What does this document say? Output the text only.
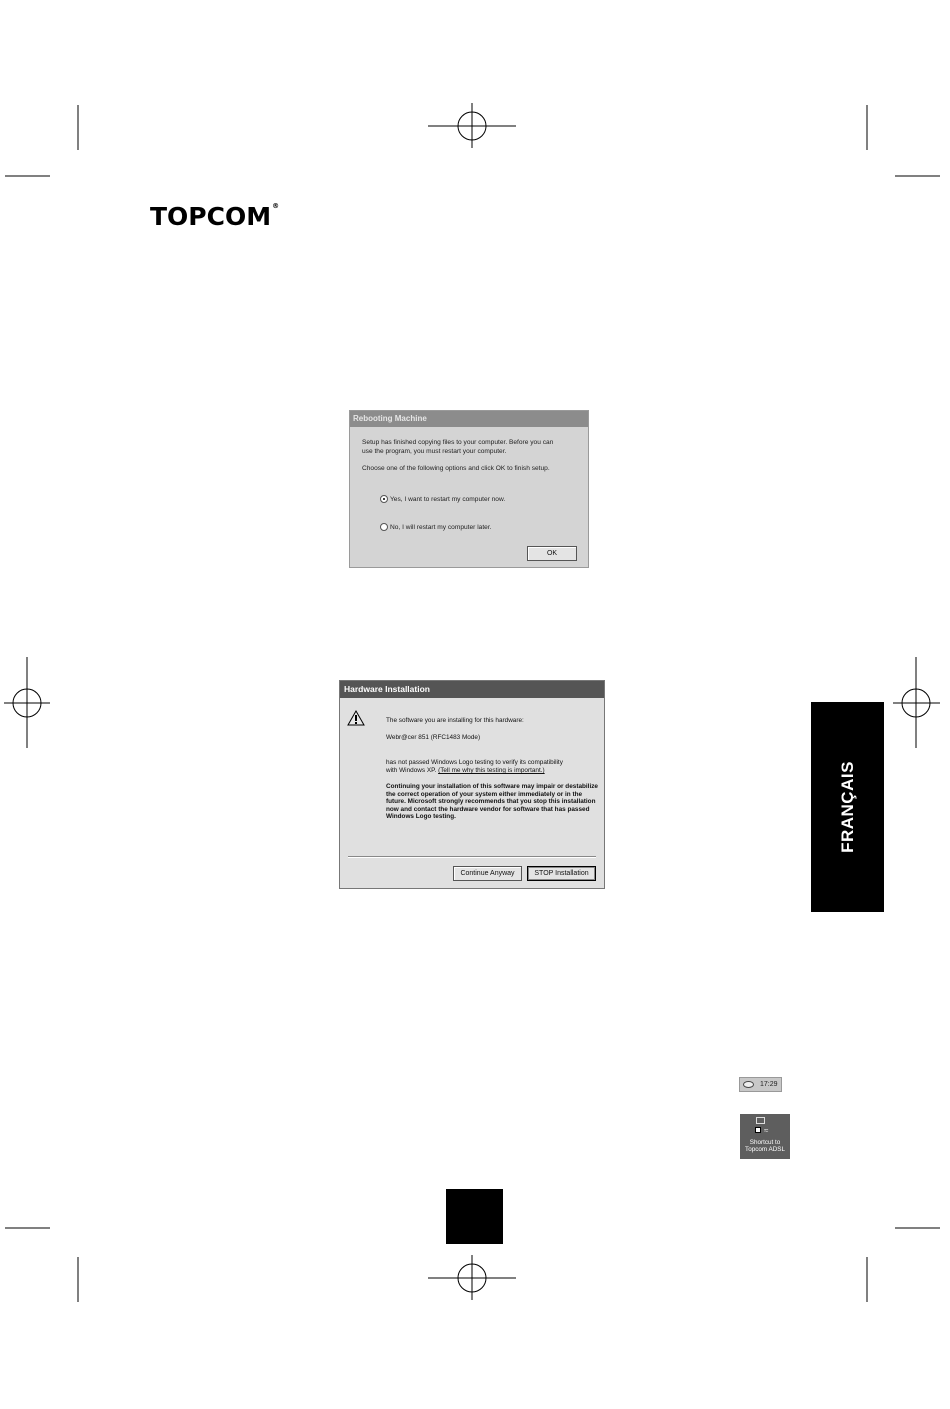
TOPCOM®
Rebooting Machine
Setup has finished copying files to your computer. Before you can
use the program, you must restart your computer.
Choose one of the following options and click OK to finish setup.
Yes, I want to restart my computer now.
No, I will restart my computer later.
OK
Hardware Installation
The software you are installing for this hardware:
Webr@cer 851 (RFC1483 Mode)
has not passed Windows Logo testing to verify its compatibility
with Windows XP. (Tell me why this testing is important.)
Continuing your installation of this software may impair or destabilize the correct operation of your system either immediately or in the future. Microsoft strongly recommends that you stop this installation now and contact the hardware vendor for software that has passed Windows Logo testing.
Continue Anyway	STOP Installation
FRANÇAIS
17:29
≈
Shortcut to
Topcom ADSL
